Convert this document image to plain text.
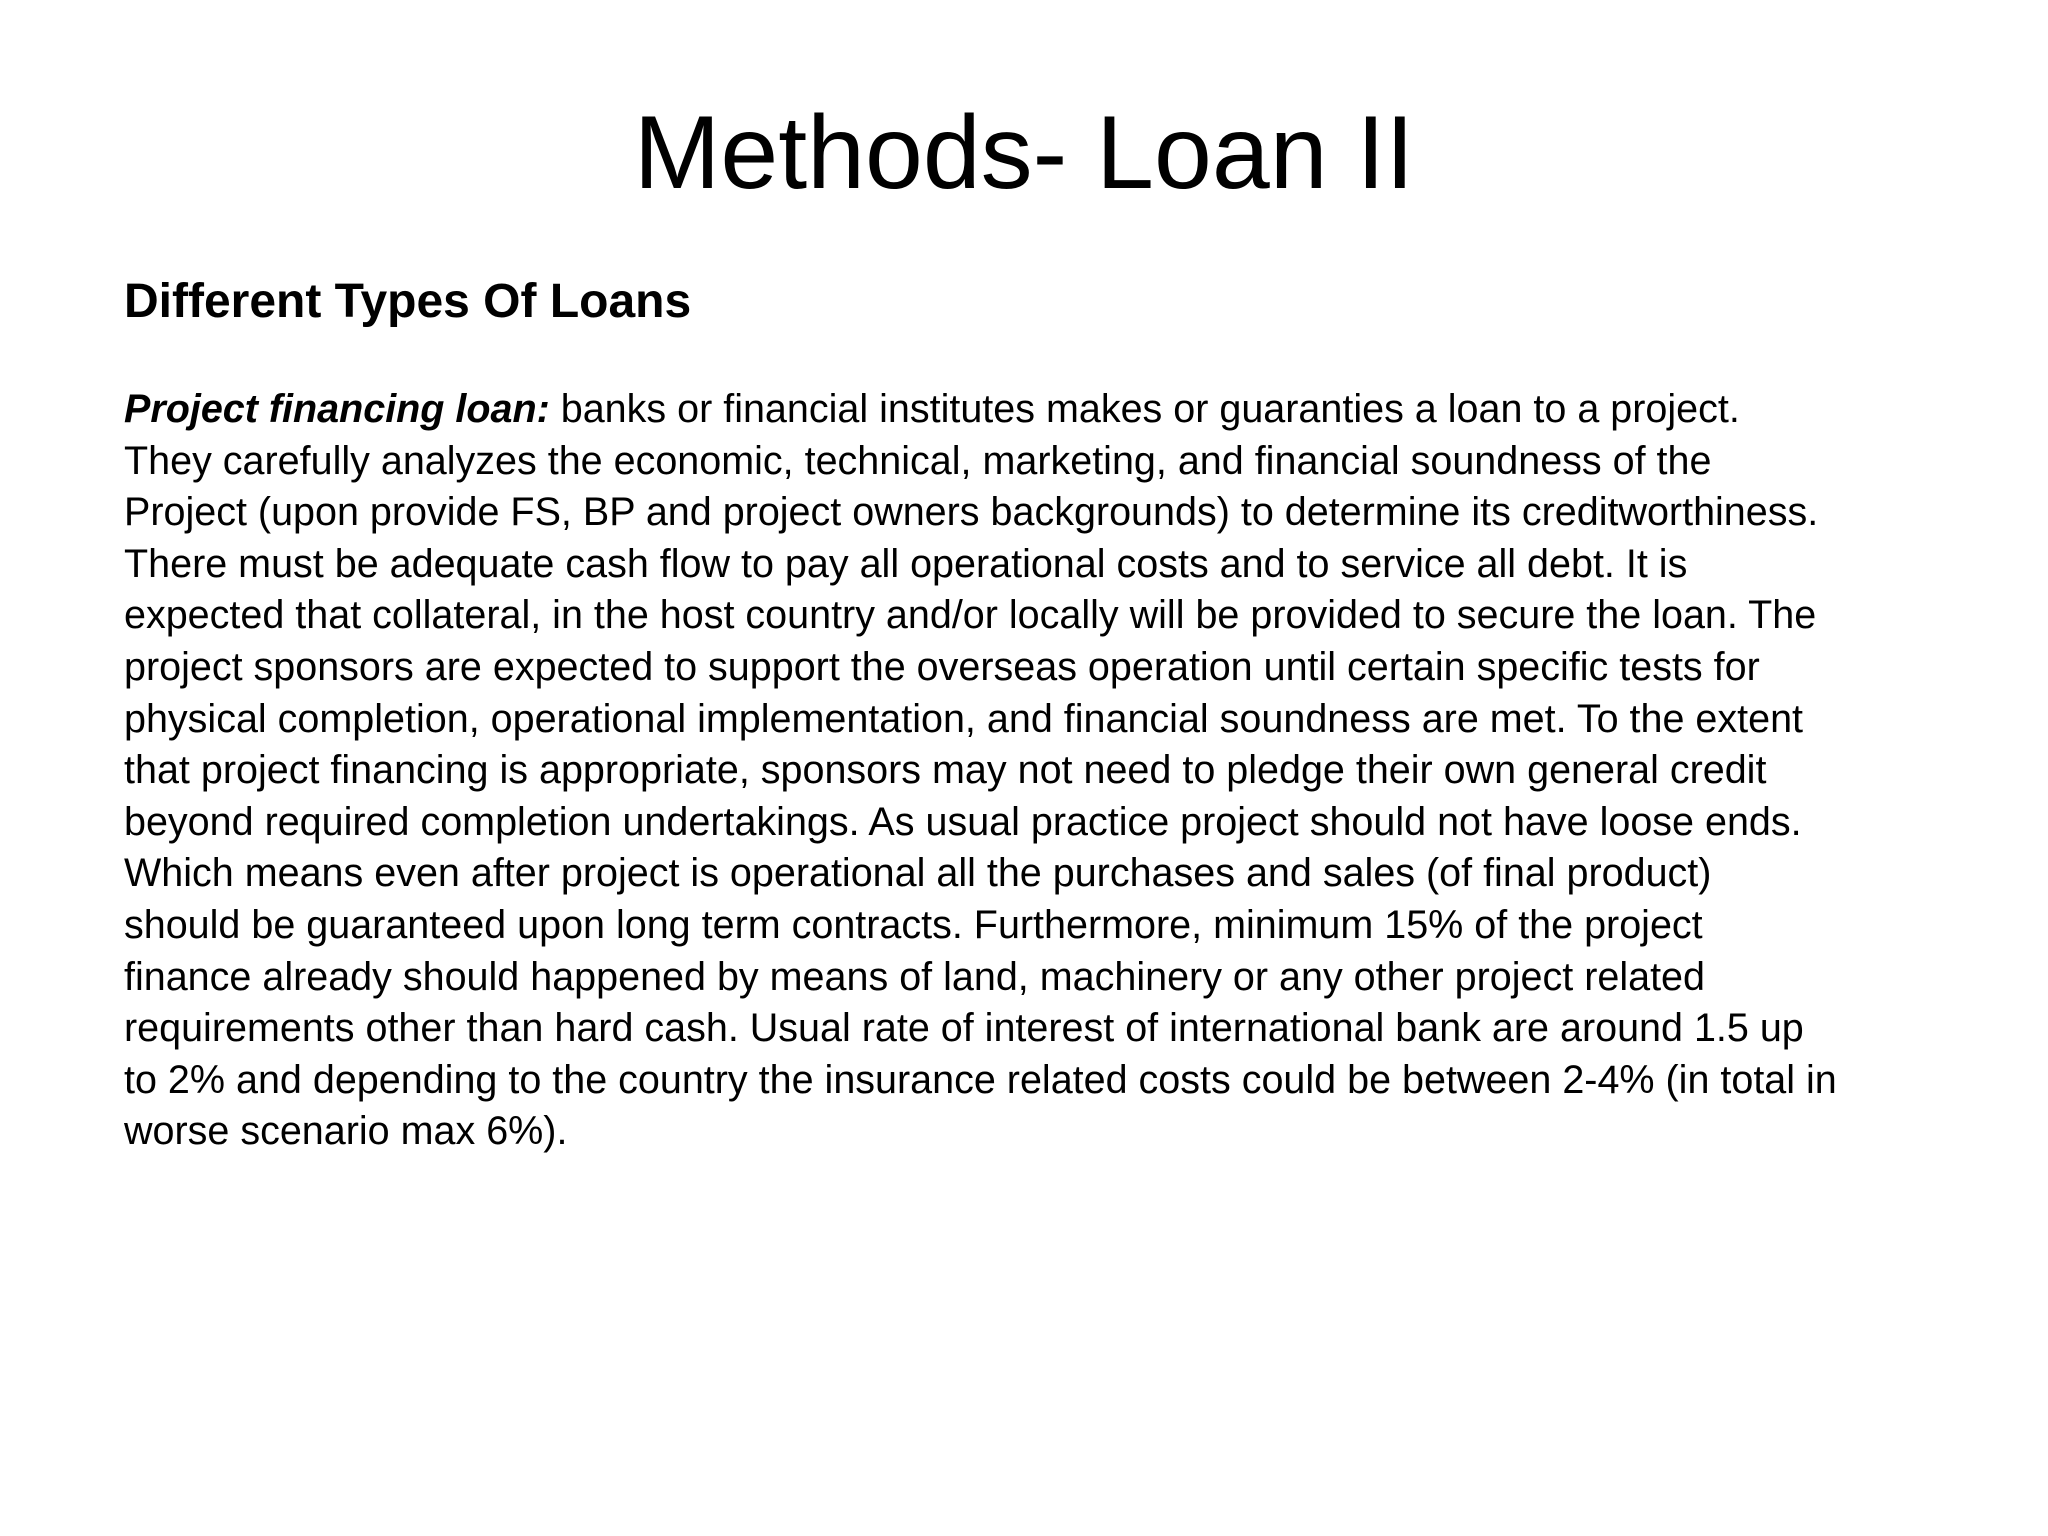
Methods- Loan II
Different Types Of Loans

Project financing loan: banks or financial institutes makes or guaranties a loan to a project.
They carefully analyzes the economic, technical, marketing, and financial soundness of the
Project (upon provide FS, BP and project owners backgrounds) to determine its creditworthiness.
There must be adequate cash flow to pay all operational costs and to service all debt. It is
expected that collateral, in the host country and/or locally will be provided to secure the loan. The
project sponsors are expected to support the overseas operation until certain specific tests for
physical completion, operational implementation, and financial soundness are met. To the extent
that project financing is appropriate, sponsors may not need to pledge their own general credit
beyond required completion undertakings. As usual practice project should not have loose ends.
Which means even after project is operational all the purchases and sales (of final product)
should be guaranteed upon long term contracts. Furthermore, minimum 15% of the project
finance already should happened by means of land, machinery or any other project related
requirements other than hard cash. Usual rate of interest of international bank are around 1.5 up
to 2% and depending to the country the insurance related costs could be between 2-4% (in total in
worse scenario max 6%).
